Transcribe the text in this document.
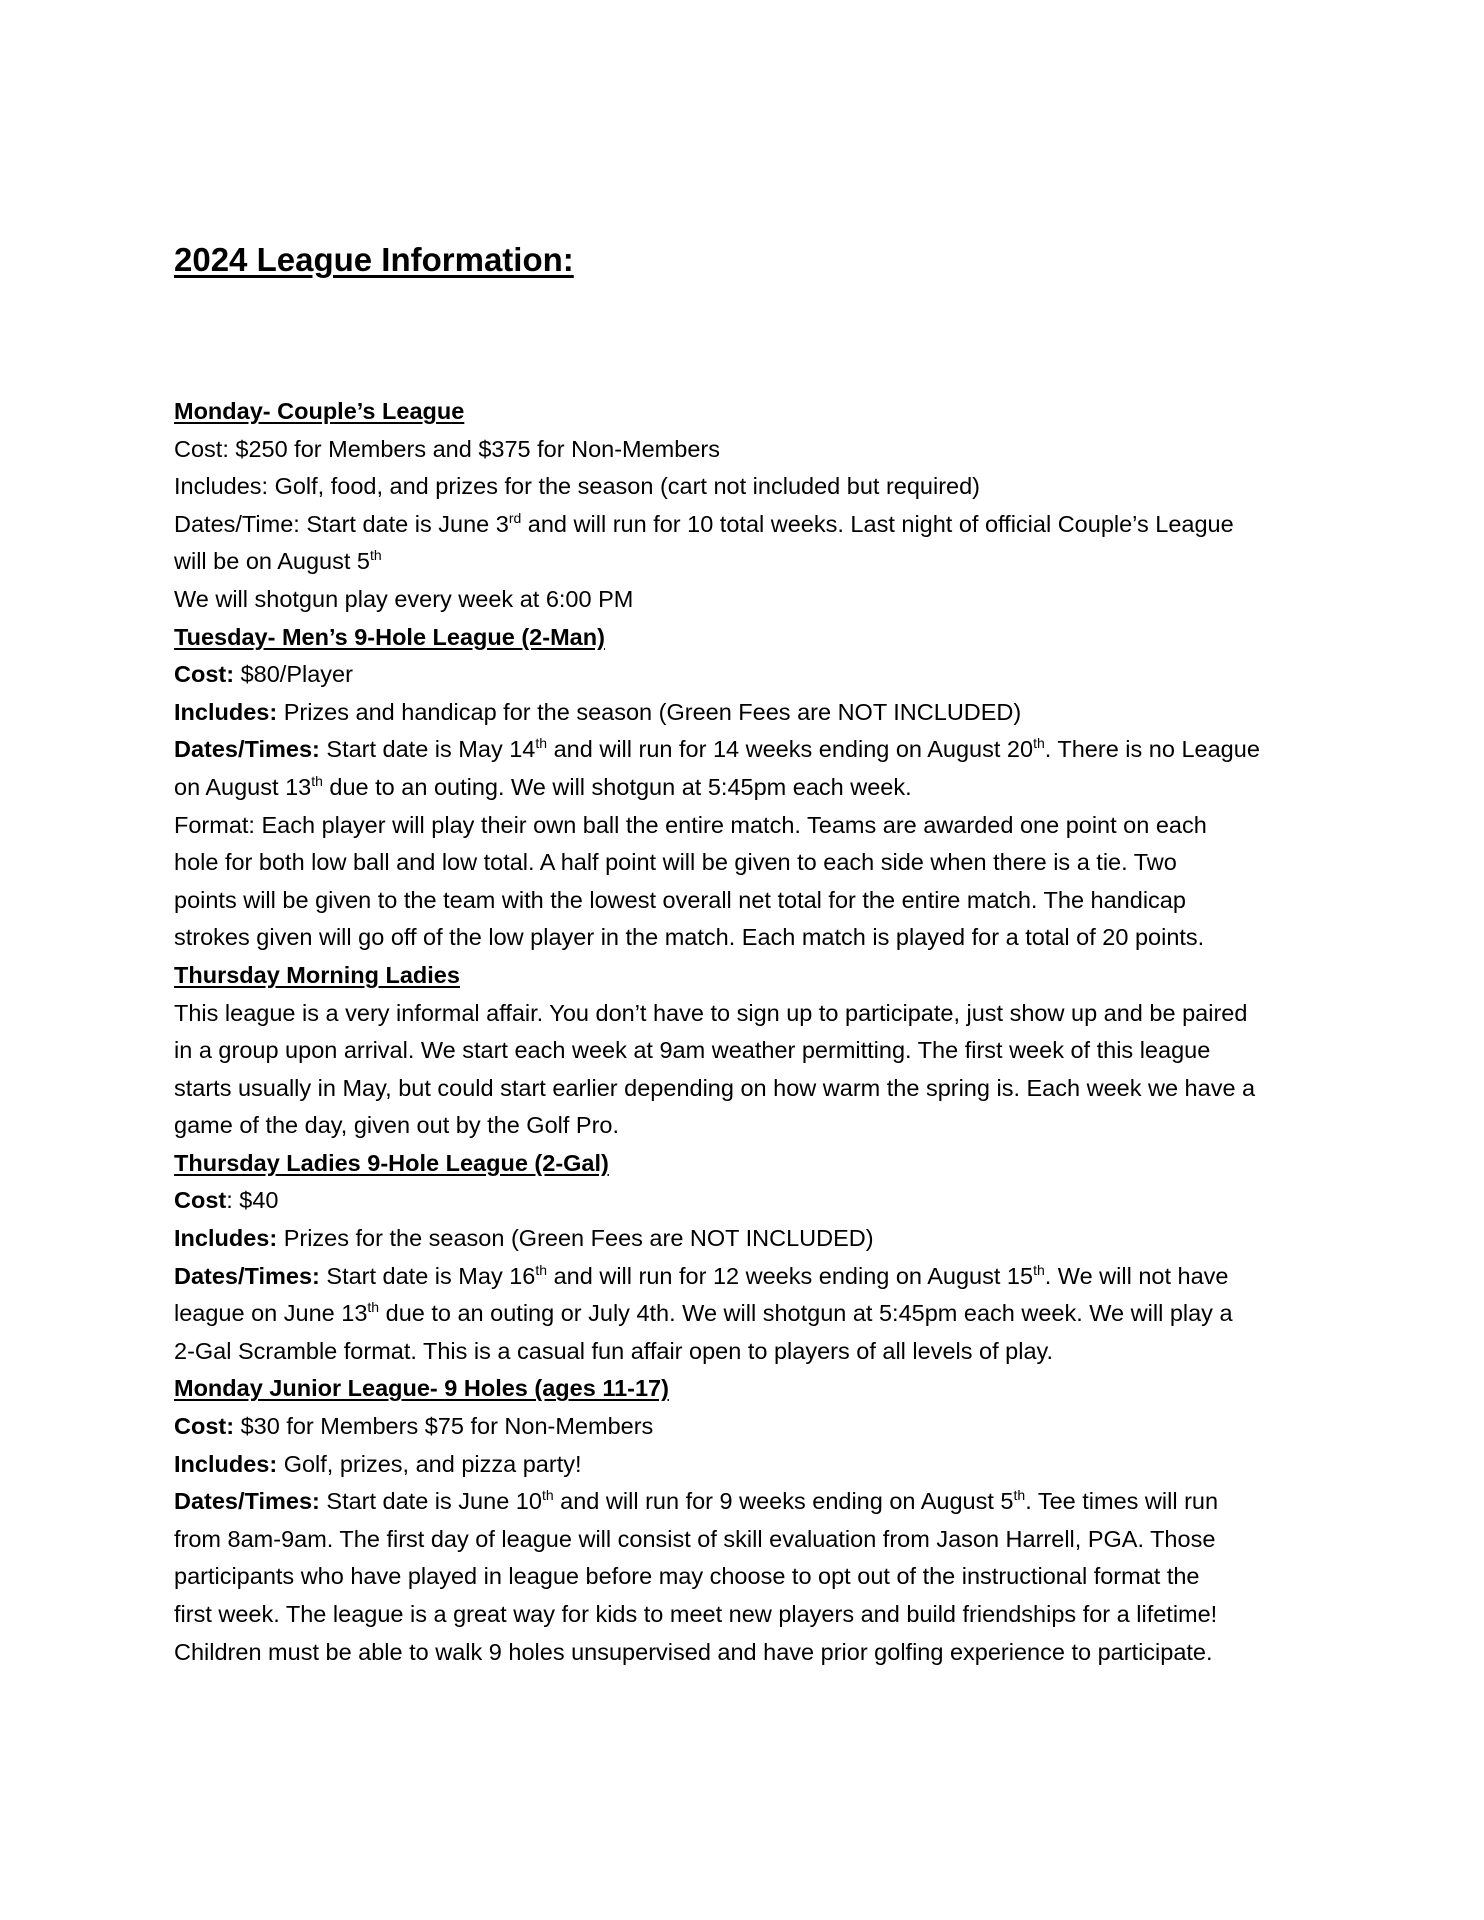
2024 League Information:

Monday- Couple’s League

Cost: $250 for Members and $375 for Non-Members

Includes: Golf, food, and prizes for the season (cart not included but required)

Dates/Time: Start date is June 3rd and will run for 10 total weeks. Last night of official Couple’s League

will be on August 5th

We will shotgun play every week at 6:00 PM

Tuesday- Men’s 9-Hole League (2-Man)

Cost: $80/Player

Includes: Prizes and handicap for the season (Green Fees are NOT INCLUDED)

Dates/Times: Start date is May 14th and will run for 14 weeks ending on August 20th. There is no League

on August 13th due to an outing. We will shotgun at 5:45pm each week.

Format: Each player will play their own ball the entire match. Teams are awarded one point on each

hole for both low ball and low total. A half point will be given to each side when there is a tie. Two

points will be given to the team with the lowest overall net total for the entire match. The handicap

strokes given will go off of the low player in the match. Each match is played for a total of 20 points.

Thursday Morning Ladies

This league is a very informal affair. You don’t have to sign up to participate, just show up and be paired

in a group upon arrival. We start each week at 9am weather permitting. The first week of this league

starts usually in May, but could start earlier depending on how warm the spring is. Each week we have a

game of the day, given out by the Golf Pro.

Thursday Ladies 9-Hole League (2-Gal)

Cost: $40

Includes: Prizes for the season (Green Fees are NOT INCLUDED)

Dates/Times: Start date is May 16th and will run for 12 weeks ending on August 15th. We will not have

league on June 13th due to an outing or July 4th. We will shotgun at 5:45pm each week. We will play a

2-Gal Scramble format. This is a casual fun affair open to players of all levels of play.

Monday Junior League- 9 Holes (ages 11-17)

Cost: $30 for Members $75 for Non-Members

Includes: Golf, prizes, and pizza party!

Dates/Times: Start date is June 10th and will run for 9 weeks ending on August 5th. Tee times will run

from 8am-9am. The first day of league will consist of skill evaluation from Jason Harrell, PGA. Those

participants who have played in league before may choose to opt out of the instructional format the

first week. The league is a great way for kids to meet new players and build friendships for a lifetime!

Children must be able to walk 9 holes unsupervised and have prior golfing experience to participate.
